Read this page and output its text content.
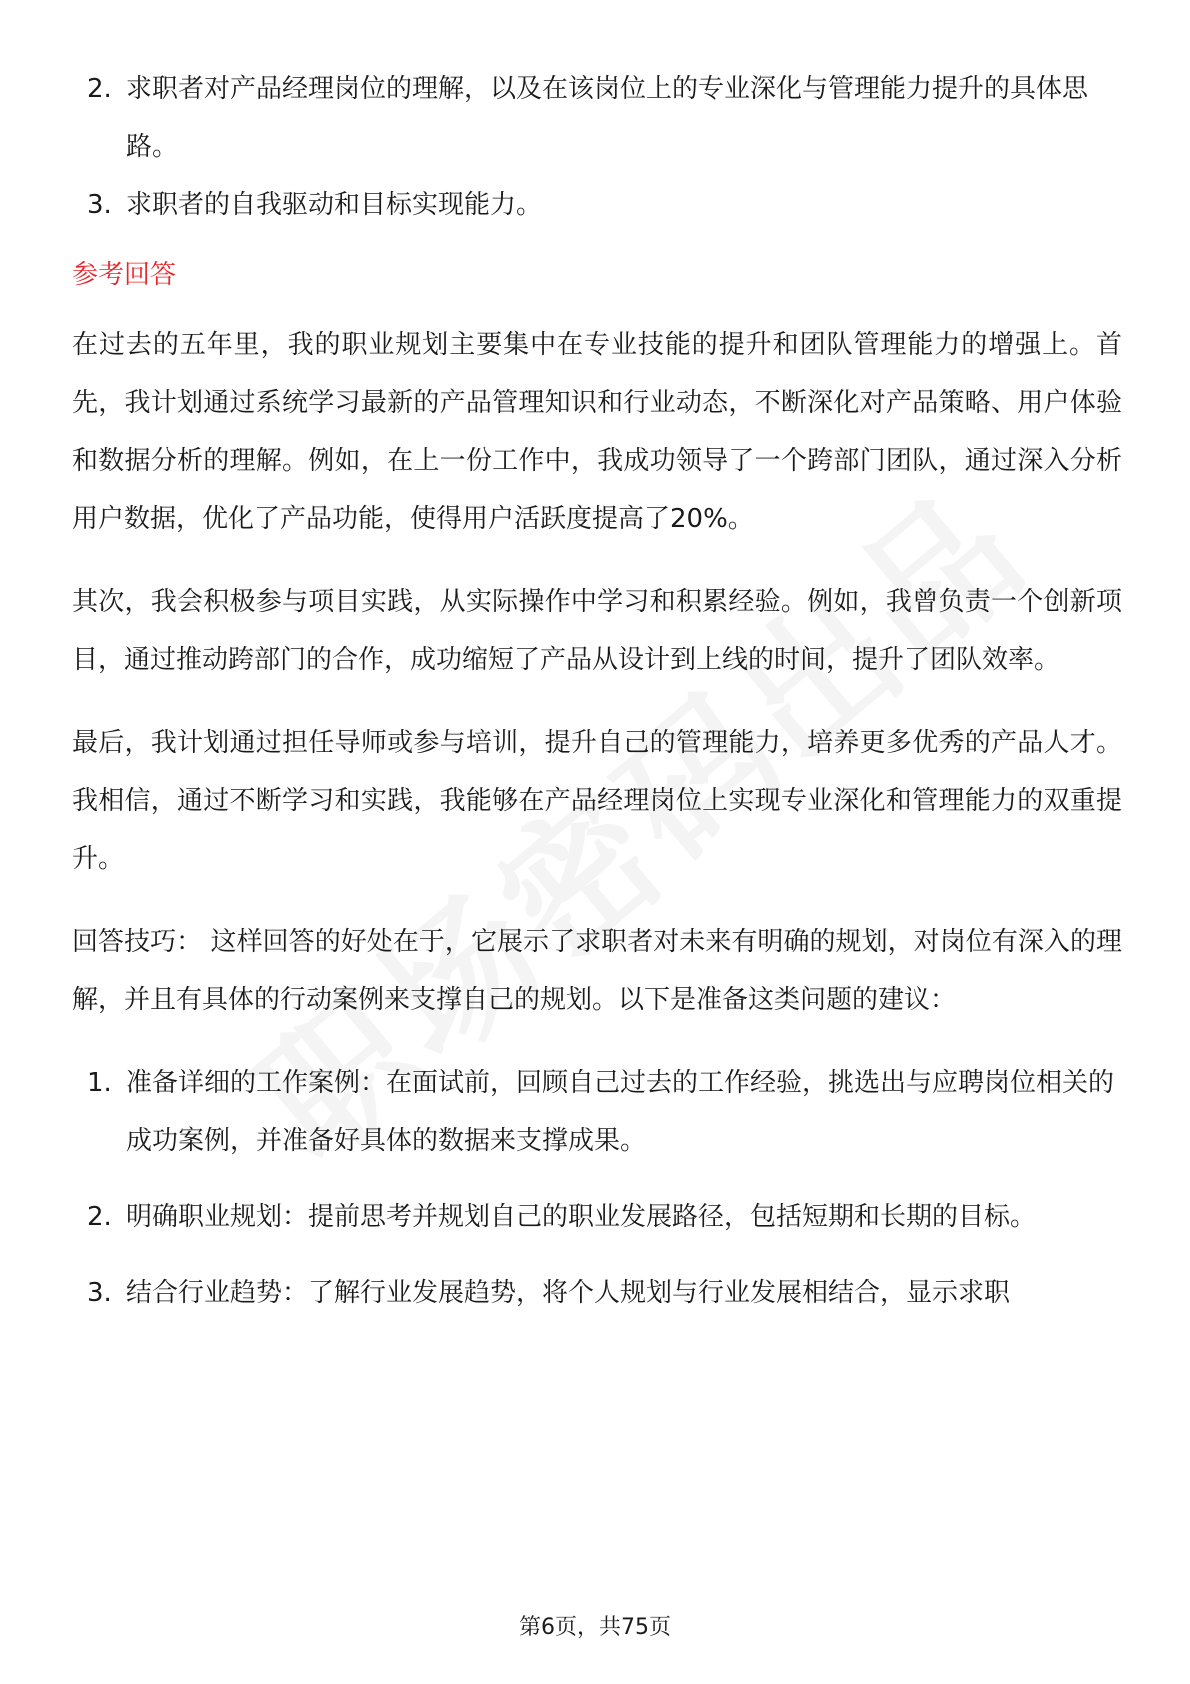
2. 求职者对产品经理岗位的理解，以及在该岗位上的专业深化与管理能力提升的具体思路。
3. 求职者的自我驱动和目标实现能力。
参考回答
在过去的五年里，我的职业规划主要集中在专业技能的提升和团队管理能力的增强上。首先，我计划通过系统学习最新的产品管理知识和行业动态，不断深化对产品策略、用户体验和数据分析的理解。例如，在上一份工作中，我成功领导了一个跨部门团队，通过深入分析用户数据，优化了产品功能，使得用户活跃度提高了20%。
其次，我会积极参与项目实践，从实际操作中学习和积累经验。例如，我曾负责一个创新项目，通过推动跨部门的合作，成功缩短了产品从设计到上线的时间，提升了团队效率。
最后，我计划通过担任导师或参与培训，提升自己的管理能力，培养更多优秀的产品人才。我相信，通过不断学习和实践，我能够在产品经理岗位上实现专业深化和管理能力的双重提升。
回答技巧： 这样回答的好处在于，它展示了求职者对未来有明确的规划，对岗位有深入的理解，并且有具体的行动案例来支撑自己的规划。以下是准备这类问题的建议：
1. 准备详细的工作案例：在面试前，回顾自己过去的工作经验，挑选出与应聘岗位相关的成功案例，并准备好具体的数据来支撑成果。
2. 明确职业规划：提前思考并规划自己的职业发展路径，包括短期和长期的目标。
3. 结合行业趋势：了解行业发展趋势，将个人规划与行业发展相结合，显示求职
第6页，共75页
